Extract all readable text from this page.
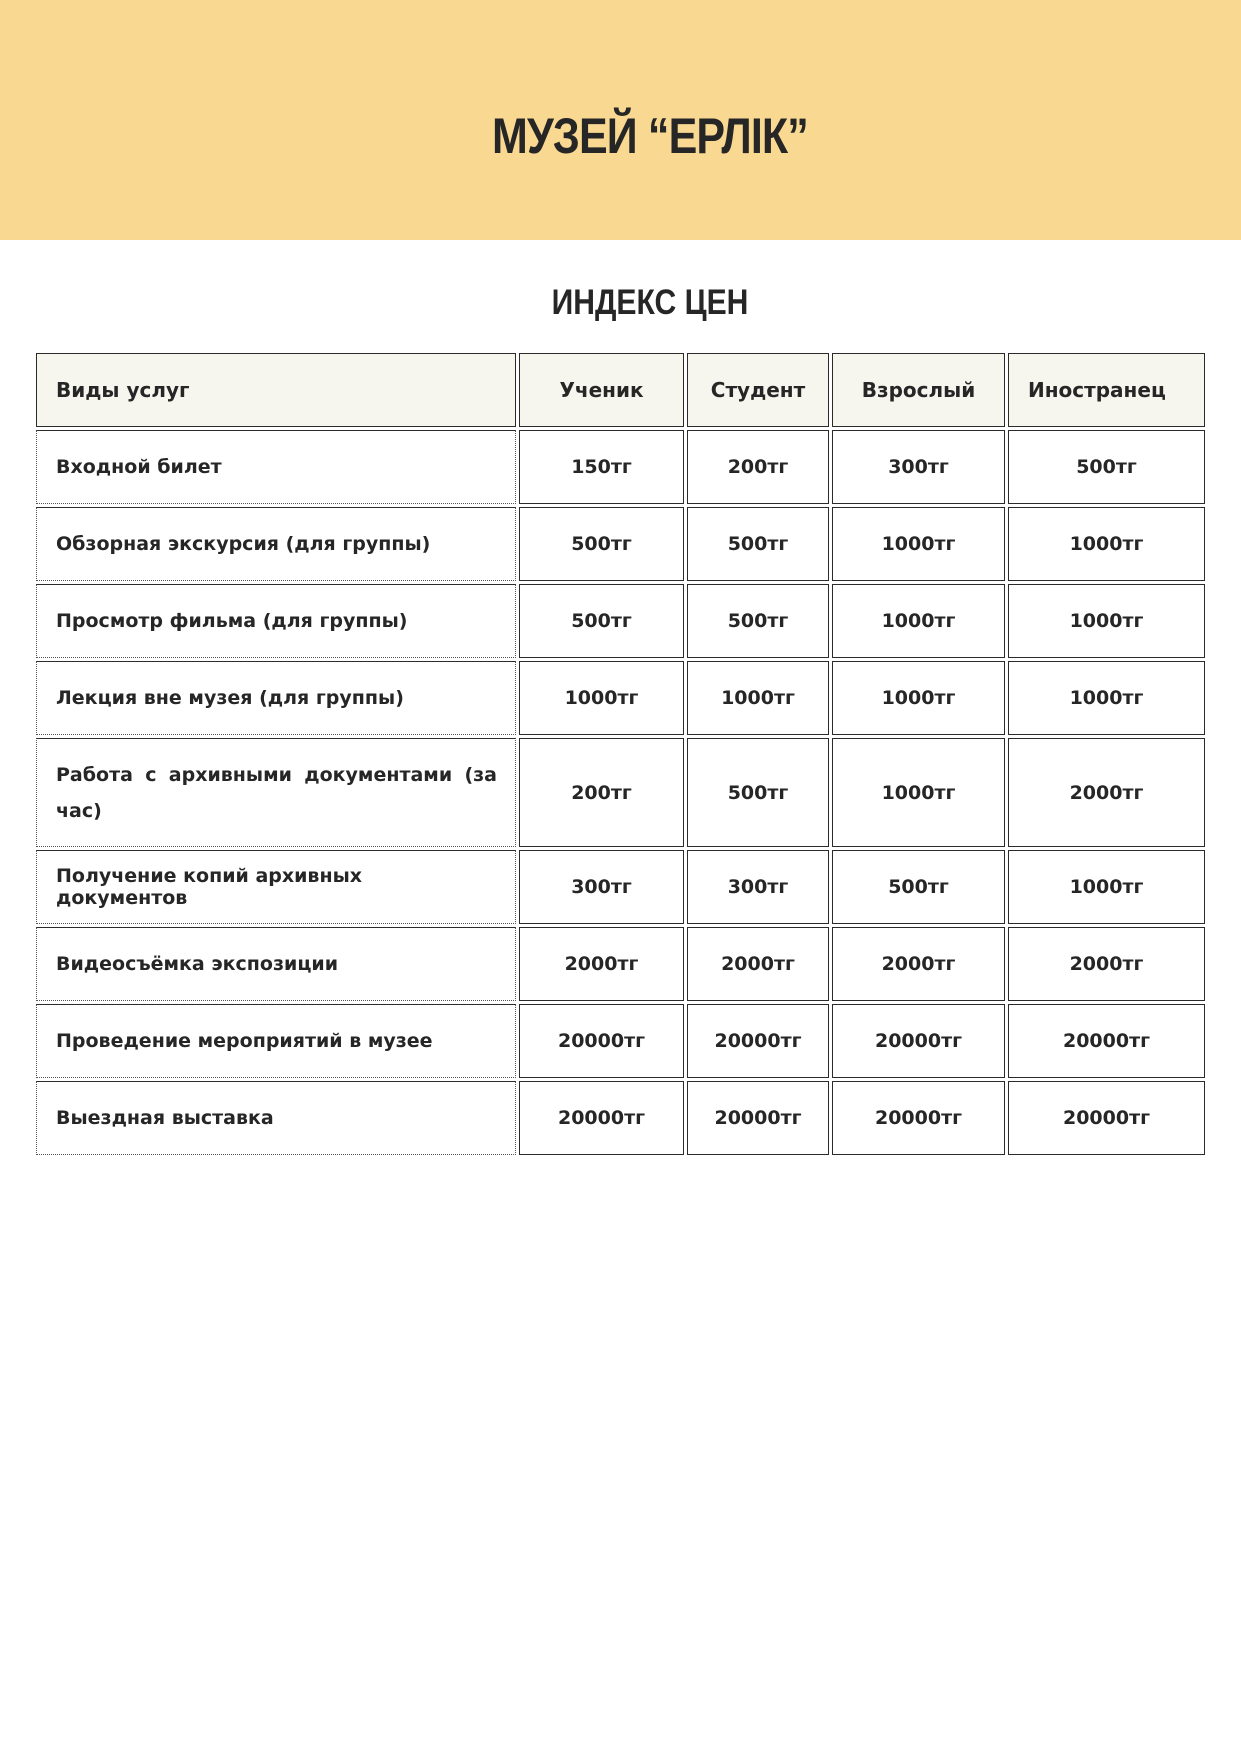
МУЗЕЙ “ЕРЛІК”
ИНДЕКС ЦЕН
Виды услуг	Ученик	Студент	Взрослый	Иностранец
Входной билет	150тг	200тг	300тг	500тг
Обзорная экскурсия (для группы)	500тг	500тг	1000тг	1000тг
Просмотр фильма (для группы)	500тг	500тг	1000тг	1000тг
Лекция вне музея (для группы)	1000тг	1000тг	1000тг	1000тг
Работа с архивными документами (за час)	200тг	500тг	1000тг	2000тг
Получение копий архивных документов	300тг	300тг	500тг	1000тг
Видеосъёмка экспозиции	2000тг	2000тг	2000тг	2000тг
Проведение мероприятий в музее	20000тг	20000тг	20000тг	20000тг
Выездная выставка	20000тг	20000тг	20000тг	20000тг
